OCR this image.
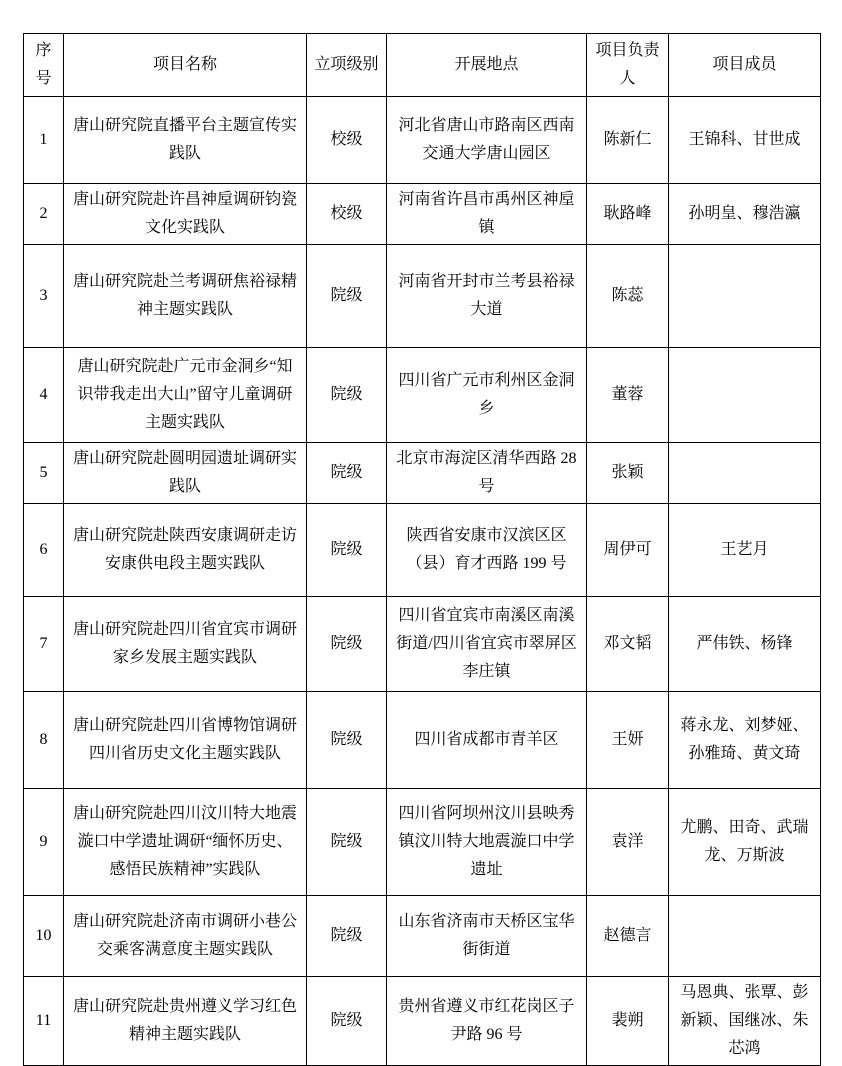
序号	项目名称	立项级别	开展地点	项目负责人	项目成员
1	唐山研究院直播平台主题宣传实践队	校级	河北省唐山市路南区西南交通大学唐山园区	陈新仁	王锦科、甘世成
2	唐山研究院赴许昌神垕调研钧瓷文化实践队	校级	河南省许昌市禹州区神垕镇	耿路峰	孙明皇、穆浩瀛
3	唐山研究院赴兰考调研焦裕禄精神主题实践队	院级	河南省开封市兰考县裕禄大道	陈蕊	
4	唐山研究院赴广元市金洞乡“知识带我走出大山”留守儿童调研主题实践队	院级	四川省广元市利州区金洞乡	董蓉	
5	唐山研究院赴圆明园遗址调研实践队	院级	北京市海淀区清华西路 28 号	张颖	
6	唐山研究院赴陕西安康调研走访安康供电段主题实践队	院级	陕西省安康市汉滨区区（县）育才西路 199 号	周伊可	王艺月
7	唐山研究院赴四川省宜宾市调研家乡发展主题实践队	院级	四川省宜宾市南溪区南溪街道/四川省宜宾市翠屏区李庄镇	邓文韬	严伟铁、杨锋
8	唐山研究院赴四川省博物馆调研四川省历史文化主题实践队	院级	四川省成都市青羊区	王妍	蒋永龙、刘梦娅、孙雅琦、黄文琦
9	唐山研究院赴四川汶川特大地震漩口中学遗址调研“缅怀历史、感悟民族精神”实践队	院级	四川省阿坝州汶川县映秀镇汶川特大地震漩口中学遗址	袁洋	尤鹏、田奇、武瑞龙、万斯波
10	唐山研究院赴济南市调研小巷公交乘客满意度主题实践队	院级	山东省济南市天桥区宝华街街道	赵德言	
11	唐山研究院赴贵州遵义学习红色精神主题实践队	院级	贵州省遵义市红花岗区子尹路 96 号	裴朔	马恩典、张覃、彭新颖、国继冰、朱芯鸿
